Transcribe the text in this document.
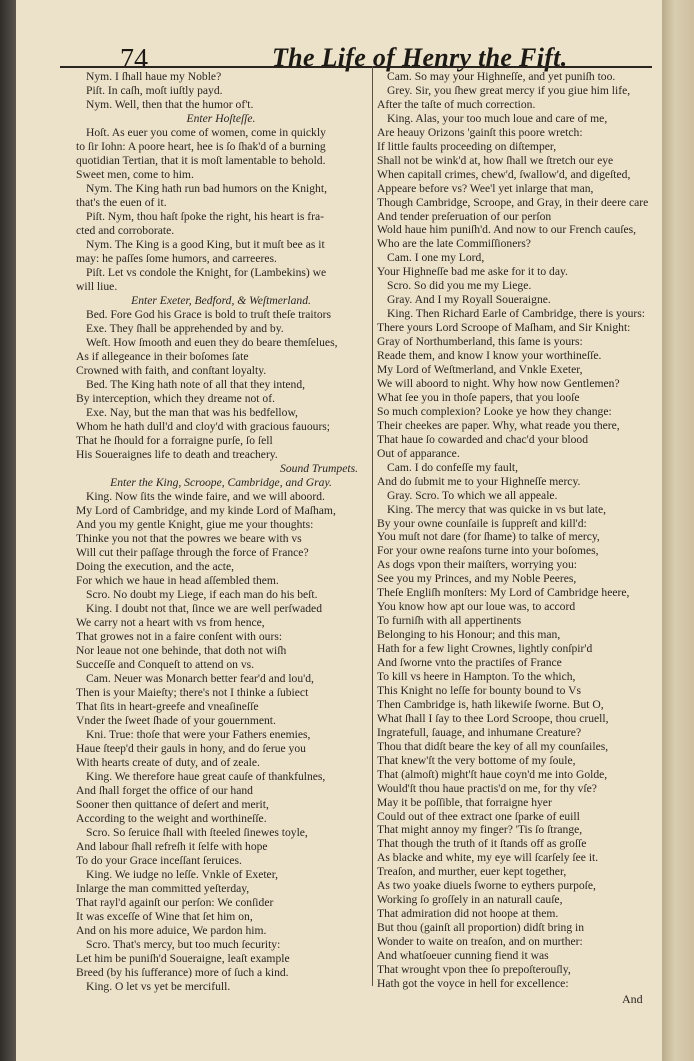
74	The Life of Henry the Fift.
Nym. I ſhall haue my Noble?
Piſt. In caſh, moſt iuſtly payd.
Nym. Well, then that the humor of't.
Enter Hoſteſſe.
Hoſt. As euer you come of women, come in quickly
to ſir Iohn: A poore heart, hee is ſo ſhak'd of a burning
quotidian Tertian, that it is moſt lamentable to behold.
Sweet men, come to him.
Nym. The King hath run bad humors on the Knight,
that's the euen of it.
Piſt. Nym, thou haſt ſpoke the right, his heart is fra-
cted and corroborate.
Nym. The King is a good King, but it muſt bee as it
may: he paſſes ſome humors, and carreeres.
Piſt. Let vs condole the Knight, for (Lambekins) we
will liue.
Enter Exeter, Bedford, & Weſtmerland.
Bed. Fore God his Grace is bold to truſt theſe traitors
Exe. They ſhall be apprehended by and by.
Weſt. How ſmooth and euen they do beare themſelues,
As if allegeance in their boſomes ſate
Crowned with faith, and conſtant loyalty.
Bed. The King hath note of all that they intend,
By interception, which they dreame not of.
Exe. Nay, but the man that was his bedfellow,
Whom he hath dull'd and cloy'd with gracious fauours;
That he ſhould for a forraigne purſe, ſo ſell
His Soueraignes life to death and treachery.
Sound Trumpets.
Enter the King, Scroope, Cambridge, and Gray.
King. Now ſits the winde faire, and we will aboord.
My Lord of Cambridge, and my kinde Lord of Maſham,
And you my gentle Knight, giue me your thoughts:
Thinke you not that the powres we beare with vs
Will cut their paſſage through the force of France?
Doing the execution, and the acte,
For which we haue in head aſſembled them.
Scro. No doubt my Liege, if each man do his beſt.
King. I doubt not that, ſince we are well perſwaded
We carry not a heart with vs from hence,
That growes not in a faire conſent with ours:
Nor leaue not one behinde, that doth not wiſh
Succeſſe and Conqueſt to attend on vs.
Cam. Neuer was Monarch better fear'd and lou'd,
Then is your Maieſty; there's not I thinke a ſubiect
That ſits in heart-greefe and vneaſineſſe
Vnder the ſweet ſhade of your gouernment.
Kni. True: thoſe that were your Fathers enemies,
Haue ſteep'd their gauls in hony, and do ſerue you
With hearts create of duty, and of zeale.
King. We therefore haue great cauſe of thankfulnes,
And ſhall forget the office of our hand
Sooner then quittance of deſert and merit,
According to the weight and worthineſſe.
Scro. So ſeruice ſhall with ſteeled ſinewes toyle,
And labour ſhall refreſh it ſelfe with hope
To do your Grace inceſſant ſeruices.
King. We iudge no leſſe. Vnkle of Exeter,
Inlarge the man committed yeſterday,
That rayl'd againſt our perſon: We conſider
It was exceſſe of Wine that ſet him on,
And on his more aduice, We pardon him.
Scro. That's mercy, but too much ſecurity:
Let him be puniſh'd Soueraigne, leaſt example
Breed (by his ſufferance) more of ſuch a kind.
King. O let vs yet be mercifull.
Cam. So may your Highneſſe, and yet puniſh too.
Grey. Sir, you ſhew great mercy if you giue him life,
After the taſte of much correction.
King. Alas, your too much loue and care of me,
Are heauy Orizons 'gainſt this poore wretch:
If little faults proceeding on diſtemper,
Shall not be wink'd at, how ſhall we ſtretch our eye
When capitall crimes, chew'd, ſwallow'd, and digeſted,
Appeare before vs? Wee'l yet inlarge that man,
Though Cambridge, Scroope, and Gray, in their deere care
And tender preſeruation of our perſon
Wold haue him puniſh'd. And now to our French cauſes,
Who are the late Commiſſioners?
Cam. I one my Lord,
Your Highneſſe bad me aske for it to day.
Scro. So did you me my Liege.
Gray. And I my Royall Soueraigne.
King. Then Richard Earle of Cambridge, there is yours:
There yours Lord Scroope of Maſham, and Sir Knight:
Gray of Northumberland, this ſame is yours:
Reade them, and know I know your worthineſſe.
My Lord of Weſtmerland, and Vnkle Exeter,
We will aboord to night. Why how now Gentlemen?
What ſee you in thoſe papers, that you looſe
So much complexion? Looke ye how they change:
Their cheekes are paper. Why, what reade you there,
That haue ſo cowarded and chac'd your blood
Out of apparance.
Cam. I do confeſſe my fault,
And do ſubmit me to your Highneſſe mercy.
Gray. Scro. To which we all appeale.
King. The mercy that was quicke in vs but late,
By your owne counſaile is ſuppreſt and kill'd:
You muſt not dare (for ſhame) to talke of mercy,
For your owne reaſons turne into your boſomes,
As dogs vpon their maiſters, worrying you:
See you my Princes, and my Noble Peeres,
Theſe Engliſh monſters: My Lord of Cambridge heere,
You know how apt our loue was, to accord
To furniſh with all appertinents
Belonging to his Honour; and this man,
Hath for a few light Crownes, lightly conſpir'd
And ſworne vnto the practiſes of France
To kill vs heere in Hampton. To the which,
This Knight no leſſe for bounty bound to Vs
Then Cambridge is, hath likewiſe ſworne. But O,
What ſhall I ſay to thee Lord Scroope, thou cruell,
Ingratefull, ſauage, and inhumane Creature?
Thou that didſt beare the key of all my counſailes,
That knew'ſt the very bottome of my ſoule,
That (almoſt) might'ſt haue coyn'd me into Golde,
Would'ſt thou haue practis'd on me, for thy vſe?
May it be poſſible, that forraigne hyer
Could out of thee extract one ſparke of euill
That might annoy my finger? 'Tis ſo ſtrange,
That though the truth of it ſtands off as groſſe
As blacke and white, my eye will ſcarſely ſee it.
Treaſon, and murther, euer kept together,
As two yoake diuels ſworne to eythers purpoſe,
Working ſo groſſely in an naturall cauſe,
That admiration did not hoope at them.
But thou (gainſt all proportion) didſt bring in
Wonder to waite on treaſon, and on murther:
And whatſoeuer cunning fiend it was
That wrought vpon thee ſo prepoſterouſly,
Hath got the voyce in hell for excellence:
And
